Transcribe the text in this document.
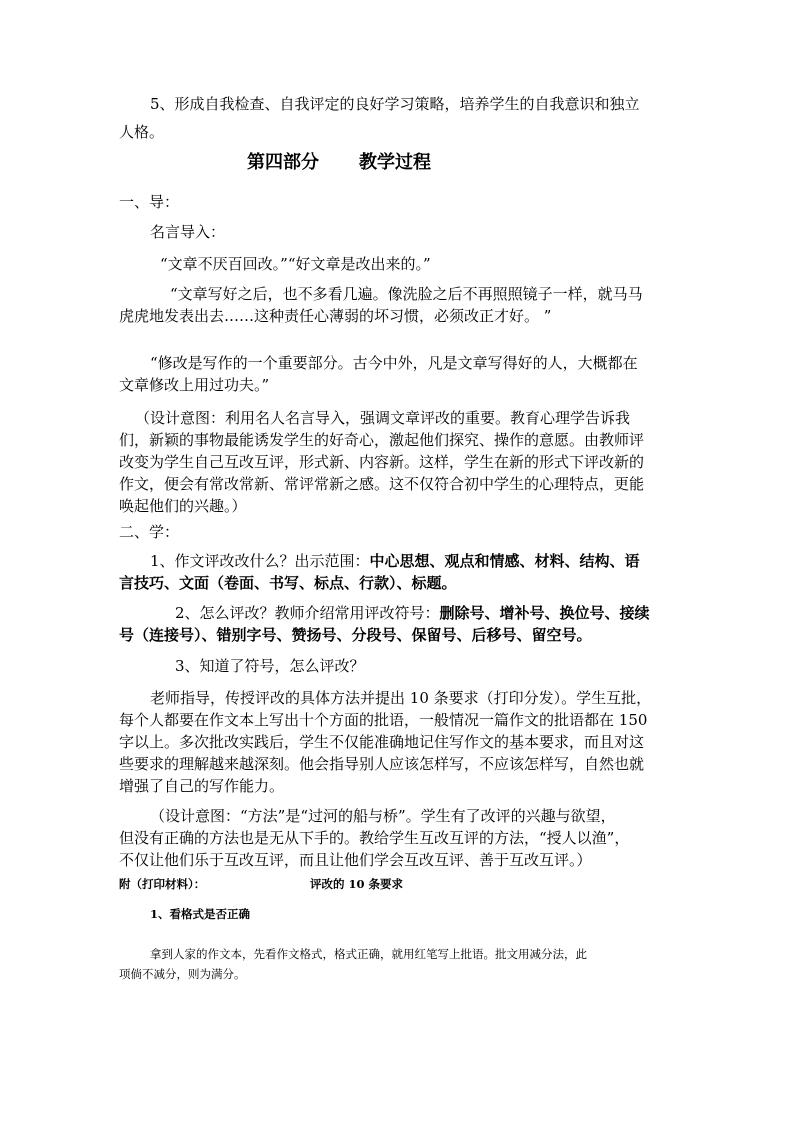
5、形成自我检查、自我评定的良好学习策略，培养学生的自我意识和独立
人格。
第四部分 教学过程
一、导：
名言导入：
“文章不厌百回改。”“好文章是改出来的。”
“文章写好之后，也不多看几遍。像洗脸之后不再照照镜子一样，就马马
虎虎地发表出去……这种责任心薄弱的坏习惯，必须改正才好。 ”
“修改是写作的一个重要部分。古今中外，凡是文章写得好的人，大概都在
文章修改上用过功夫。”
（设计意图：利用名人名言导入，强调文章评改的重要。教育心理学告诉我
们，新颖的事物最能诱发学生的好奇心，激起他们探究、操作的意愿。由教师评
改变为学生自己互改互评，形式新、内容新。这样，学生在新的形式下评改新的
作文，便会有常改常新、常评常新之感。这不仅符合初中学生的心理特点，更能
唤起他们的兴趣。）
二、学：
1、作文评改改什么？出示范围：中心思想、观点和情感、材料、结构、语
言技巧、文面（卷面、书写、标点、行款）、标题。
2、怎么评改？教师介绍常用评改符号：删除号、增补号、换位号、接续
号（连接号）、错别字号、赞扬号、分段号、保留号、后移号、留空号。
3、知道了符号，怎么评改？
老师指导，传授评改的具体方法并提出 10 条要求（打印分发）。学生互批，
每个人都要在作文本上写出十个方面的批语，一般情况一篇作文的批语都在 150
字以上。多次批改实践后，学生不仅能准确地记住写作文的基本要求，而且对这
些要求的理解越来越深刻。他会指导别人应该怎样写，不应该怎样写，自然也就
增强了自己的写作能力。
（设计意图：“方法”是“过河的船与桥”。学生有了改评的兴趣与欲望，
但没有正确的方法也是无从下手的。教给学生互改互评的方法，“授人以渔”，
不仅让他们乐于互改互评，而且让他们学会互改互评、善于互改互评。）
附（打印材料）：	评改的 10 条要求
1、看格式是否正确
拿到人家的作文本，先看作文格式，格式正确，就用红笔写上批语。批文用减分法，此
项倘不减分，则为满分。
